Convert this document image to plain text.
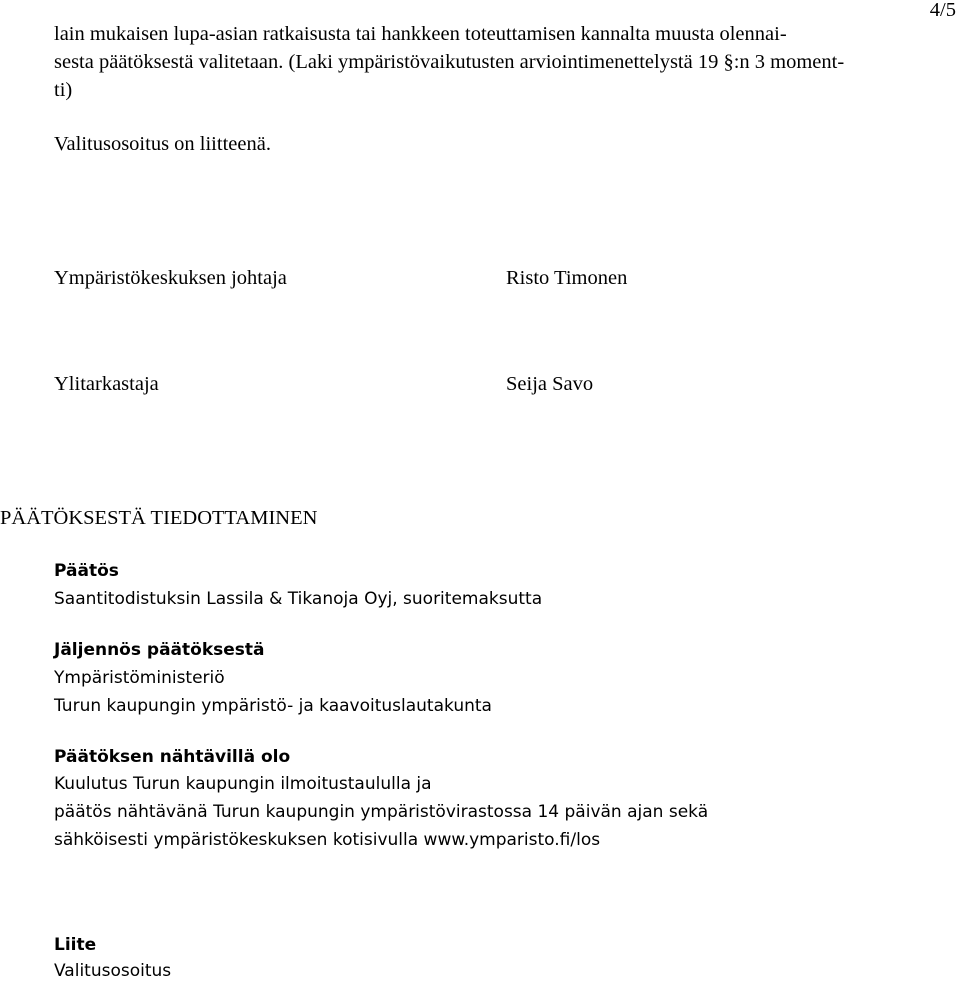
4/5
lain mukaisen lupa-asian ratkaisusta tai hankkeen toteuttamisen kannalta muusta olennai-
sesta päätöksestä valitetaan. (Laki ympäristövaikutusten arviointimenettelystä 19 §:n 3 moment-
ti)
Valitusosoitus on liitteenä.
Ympäristökeskuksen johtaja	Risto Timonen
Ylitarkastaja	Seija Savo
PÄÄTÖKSESTÄ TIEDOTTAMINEN
Päätös
Saantitodistuksin Lassila & Tikanoja Oyj, suoritemaksutta
Jäljennös päätöksestä
Ympäristöministeriö
Turun kaupungin ympäristö- ja kaavoituslautakunta
Päätöksen nähtävillä olo
Kuulutus Turun kaupungin ilmoitustaululla ja
päätös nähtävänä Turun kaupungin ympäristövirastossa 14 päivän ajan sekä
sähköisesti ympäristökeskuksen kotisivulla www.ymparisto.fi/los
Liite
Valitusosoitus
